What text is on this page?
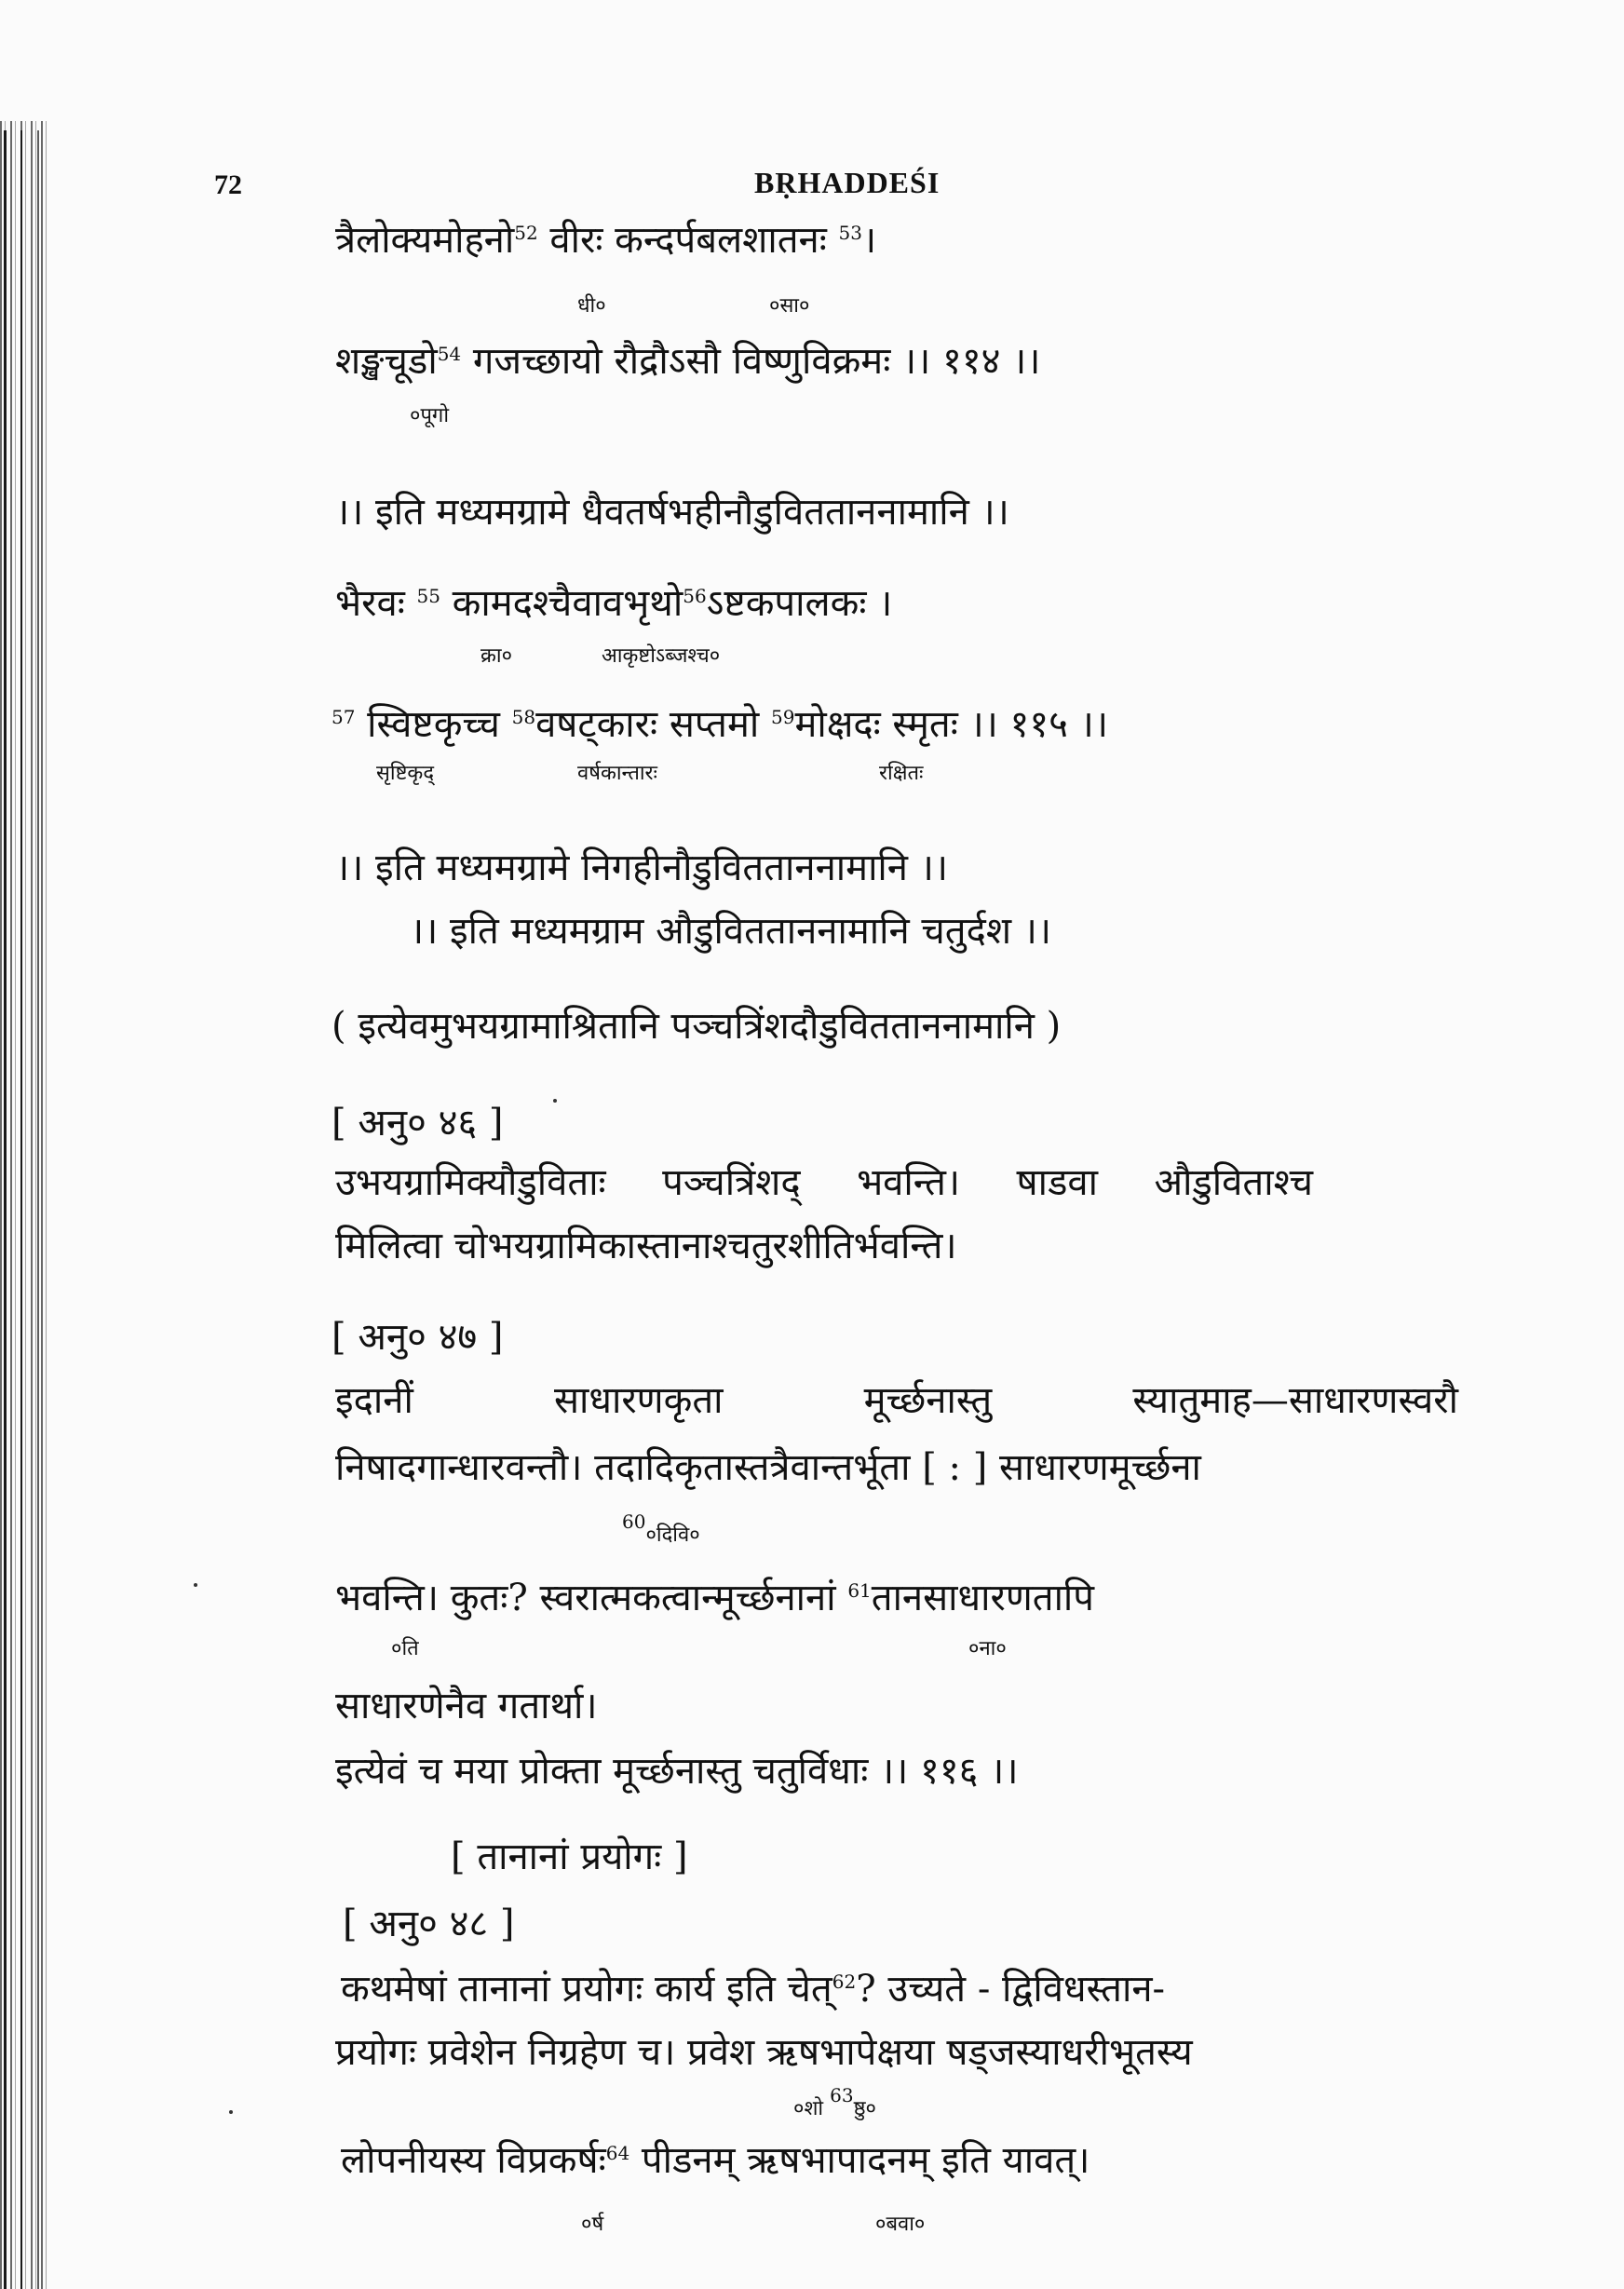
72	BṚHADDEŚI
त्रैलोक्यमोहनो$^{52}$ वीरः कन्दर्पबलशातनः $^{53}$।
धी०	०सा०
शङ्खचूडो$^{54}$ गजच्छायो रौद्रौऽसौ विष्णुविक्रमः ।। ११४ ।।
०पूगो
।। इति मध्यमग्रामे धैवतर्षभहीनौडुवितताननामानि ।।
भैरवः $^{55}$ कामदश्चैवावभृथो$^{56}$ऽष्टकपालकः ।
क्रा०	आकृष्टोऽब्जश्च०
$^{57}$ स्विष्टकृच्च $^{58}$वषट्कारः सप्तमो $^{59}$मोक्षदः स्मृतः ।। ११५ ।।
सृष्टिकृद्	वर्षकान्तारः	रक्षितः
।। इति मध्यमग्रामे निगहीनौडुवितताननामानि ।।
।। इति मध्यमग्राम औडुवितताननामानि चतुर्दश ।।
( इत्येवमुभयग्रामाश्रितानि पञ्चत्रिंशदौडुवितताननामानि )
[ अनु० ४६ ]
उभयग्रामिक्यौडुविताः पञ्चत्रिंशद् भवन्ति। षाडवा औडुविताश्च
मिलित्वा चोभयग्रामिकास्तानाश्चतुरशीतिर्भवन्ति।
[ अनु० ४७ ]
इदानीं	साधारणकृता	मूर्च्छनास्तु	स्यातुमाह—साधारणस्वरौ
निषादगान्धारवन्तौ। तदादिकृतास्तत्रैवान्तर्भूता [ : ] साधारणमूर्च्छना
$^{60}$०दिवि०
भवन्ति। कुतः? स्वरात्मकत्वान्मूर्च्छनानां $^{61}$तानसाधारणतापि
०ति	०ना०
साधारणेनैव गतार्था।
इत्येवं च मया प्रोक्ता मूर्च्छनास्तु चतुर्विधाः ।। ११६ ।।
[ तानानां प्रयोगः ]
[ अनु० ४८ ]
कथमेषां तानानां प्रयोगः कार्य इति चेत्$^{62}$? उच्यते - द्विविधस्तान-
प्रयोगः प्रवेशेन निग्रहेण च। प्रवेश ऋषभापेक्षया षड्जस्याधरीभूतस्य
०शो $^{63}$ष्ठु०
लोपनीयस्य विप्रकर्षः$^{64}$ पीडनम् ऋषभापादनम् इति यावत्।
०र्ष	०बवा०
